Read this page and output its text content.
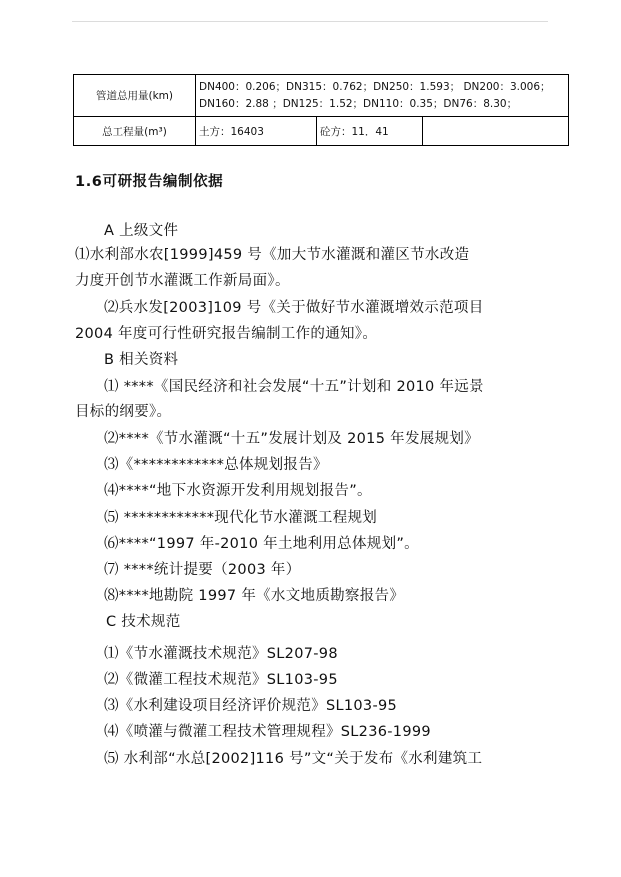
管道总用量(km)	DN400：0.206；DN315：0.762；DN250：1.593； DN200：3.006；
DN160：2.88 ；DN125：1.52；DN110：0.35；DN76：8.30；		

总工程量(m³)	土方：16403	砼方：11．41	
1.6可研报告编制依据
A 上级文件
⑴水利部水农[1999]459 号《加大节水灌溉和灌区节水改造
力度开创节水灌溉工作新局面》。
⑵兵水发[2003]109 号《关于做好节水灌溉增效示范项目
2004 年度可行性研究报告编制工作的通知》。
B 相关资料
⑴ ****《国民经济和社会发展“十五”计划和 2010 年远景
目标的纲要》。
⑵****《节水灌溉“十五”发展计划及 2015 年发展规划》
⑶《************总体规划报告》
⑷****“地下水资源开发利用规划报告”。
⑸ ************现代化节水灌溉工程规划
⑹****“1997 年-2010 年土地利用总体规划”。
⑺ ****统计提要（2003 年）
⑻****地勘院 1997 年《水文地质勘察报告》
C 技术规范
⑴《节水灌溉技术规范》SL207-98
⑵《微灌工程技术规范》SL103-95
⑶《水利建设项目经济评价规范》SL103-95
⑷《喷灌与微灌工程技术管理规程》SL236-1999
⑸ 水利部“水总[2002]116 号”文“关于发布《水利建筑工
